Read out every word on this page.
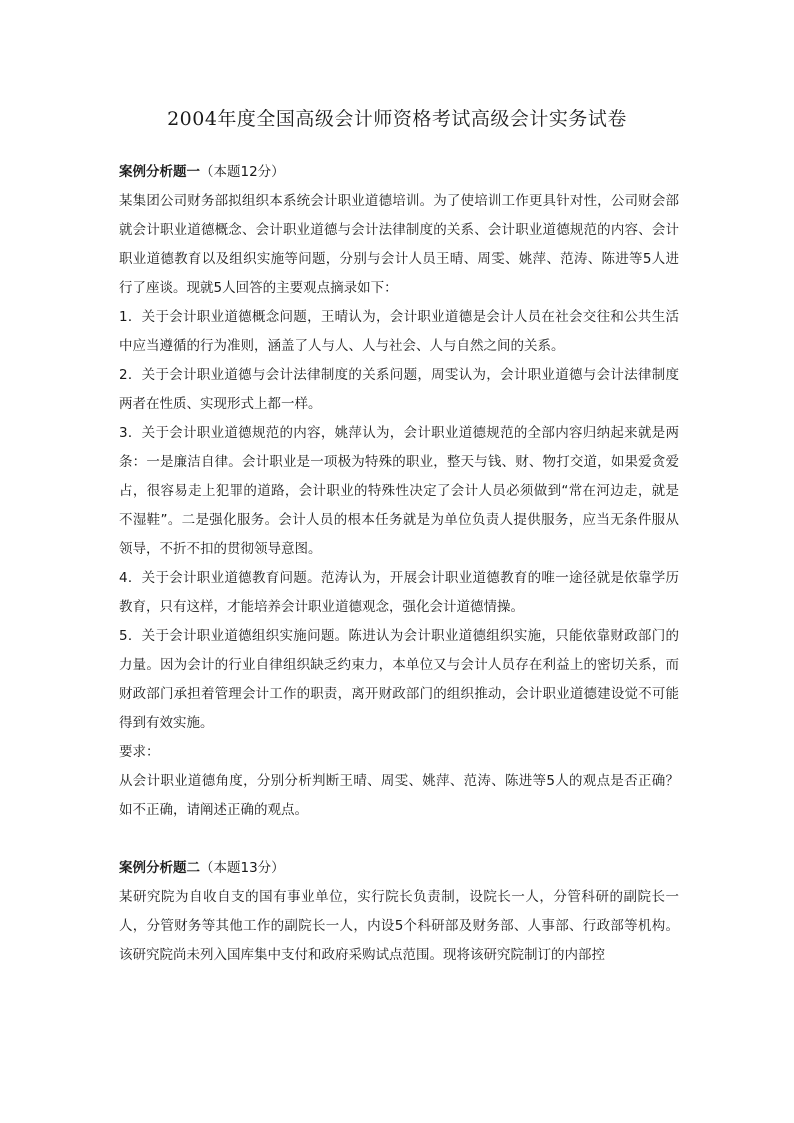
2004年度全国高级会计师资格考试高级会计实务试卷

案例分析题一（本题12分）

某集团公司财务部拟组织本系统会计职业道德培训。为了使培训工作更具针对性，公司财会部就会计职业道德概念、会计职业道德与会计法律制度的关系、会计职业道德规范的内容、会计职业道德教育以及组织实施等问题，分别与会计人员王晴、周雯、姚萍、范涛、陈进等5人进行了座谈。现就5人回答的主要观点摘录如下：

1．关于会计职业道德概念问题，王晴认为，会计职业道德是会计人员在社会交往和公共生活中应当遵循的行为准则，涵盖了人与人、人与社会、人与自然之间的关系。

2．关于会计职业道德与会计法律制度的关系问题，周雯认为，会计职业道德与会计法律制度两者在性质、实现形式上都一样。

3．关于会计职业道德规范的内容，姚萍认为，会计职业道德规范的全部内容归纳起来就是两条：一是廉洁自律。会计职业是一项极为特殊的职业，整天与钱、财、物打交道，如果爱贪爱占，很容易走上犯罪的道路，会计职业的特殊性决定了会计人员必须做到“常在河边走，就是不湿鞋”。二是强化服务。会计人员的根本任务就是为单位负责人提供服务，应当无条件服从领导，不折不扣的贯彻领导意图。

4．关于会计职业道德教育问题。范涛认为，开展会计职业道德教育的唯一途径就是依靠学历教育，只有这样，才能培养会计职业道德观念，强化会计道德情操。

5．关于会计职业道德组织实施问题。陈进认为会计职业道德组织实施，只能依靠财政部门的力量。因为会计的行业自律组织缺乏约束力，本单位又与会计人员存在利益上的密切关系，而财政部门承担着管理会计工作的职责，离开财政部门的组织推动，会计职业道德建设觉不可能得到有效实施。

要求：

从会计职业道德角度，分别分析判断王晴、周雯、姚萍、范涛、陈进等5人的观点是否正确？如不正确，请阐述正确的观点。

案例分析题二（本题13分）

某研究院为自收自支的国有事业单位，实行院长负责制，设院长一人，分管科研的副院长一人，分管财务等其他工作的副院长一人，内设5个科研部及财务部、人事部、行政部等机构。该研究院尚未列入国库集中支付和政府采购试点范围。现将该研究院制订的内部控
